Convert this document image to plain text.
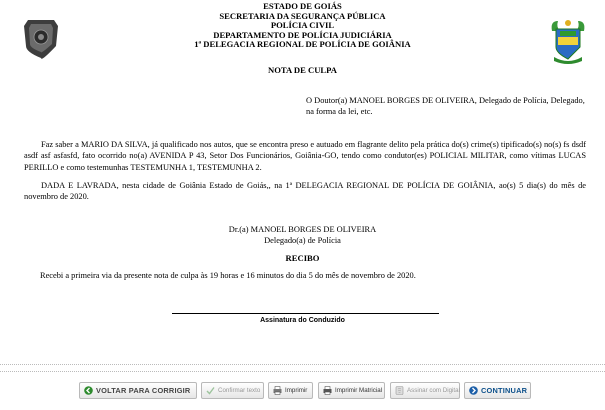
ESTADO DE GOIÁS
SECRETARIA DA SEGURANÇA PÚBLICA
POLÍCIA CIVIL
DEPARTAMENTO DE POLÍCIA JUDICIÁRIA
1ª DELEGACIA REGIONAL DE POLÍCIA DE GOIÂNIA
NOTA DE CULPA
O Doutor(a) MANOEL BORGES DE OLIVEIRA, Delegado de Polícia, Delegado, na forma da lei, etc.
Faz saber a MARIO DA SILVA, já qualificado nos autos, que se encontra preso e autuado em flagrante delito pela prática do(s) crime(s) tipificado(s) no(s) fs dsdf asdf asf asfasfd, fato ocorrido no(a) AVENIDA P 43, Setor Dos Funcionários, Goiânia-GO, tendo como condutor(es) POLICIAL MILITAR, como vítimas LUCAS PERILLO e como testemunhas TESTEMUNHA 1, TESTEMUNHA 2.
DADA E LAVRADA, nesta cidade de Goiânia Estado de Goiás,, na 1ª DELEGACIA REGIONAL DE POLÍCIA DE GOIÂNIA, ao(s) 5 dia(s) do mês de novembro de 2020.
Dr.(a) MANOEL BORGES DE OLIVEIRA
Delegado(a) de Polícia
RECIBO
Recebi a primeira via da presente nota de culpa às 19 horas e 16 minutos do dia 5 do mês de novembro de 2020.
Assinatura do Conduzido
VOLTAR PARA CORRIGIR	Confirmar texto	Imprimir	Imprimir Matricial	Assinar com Digital	CONTINUAR
